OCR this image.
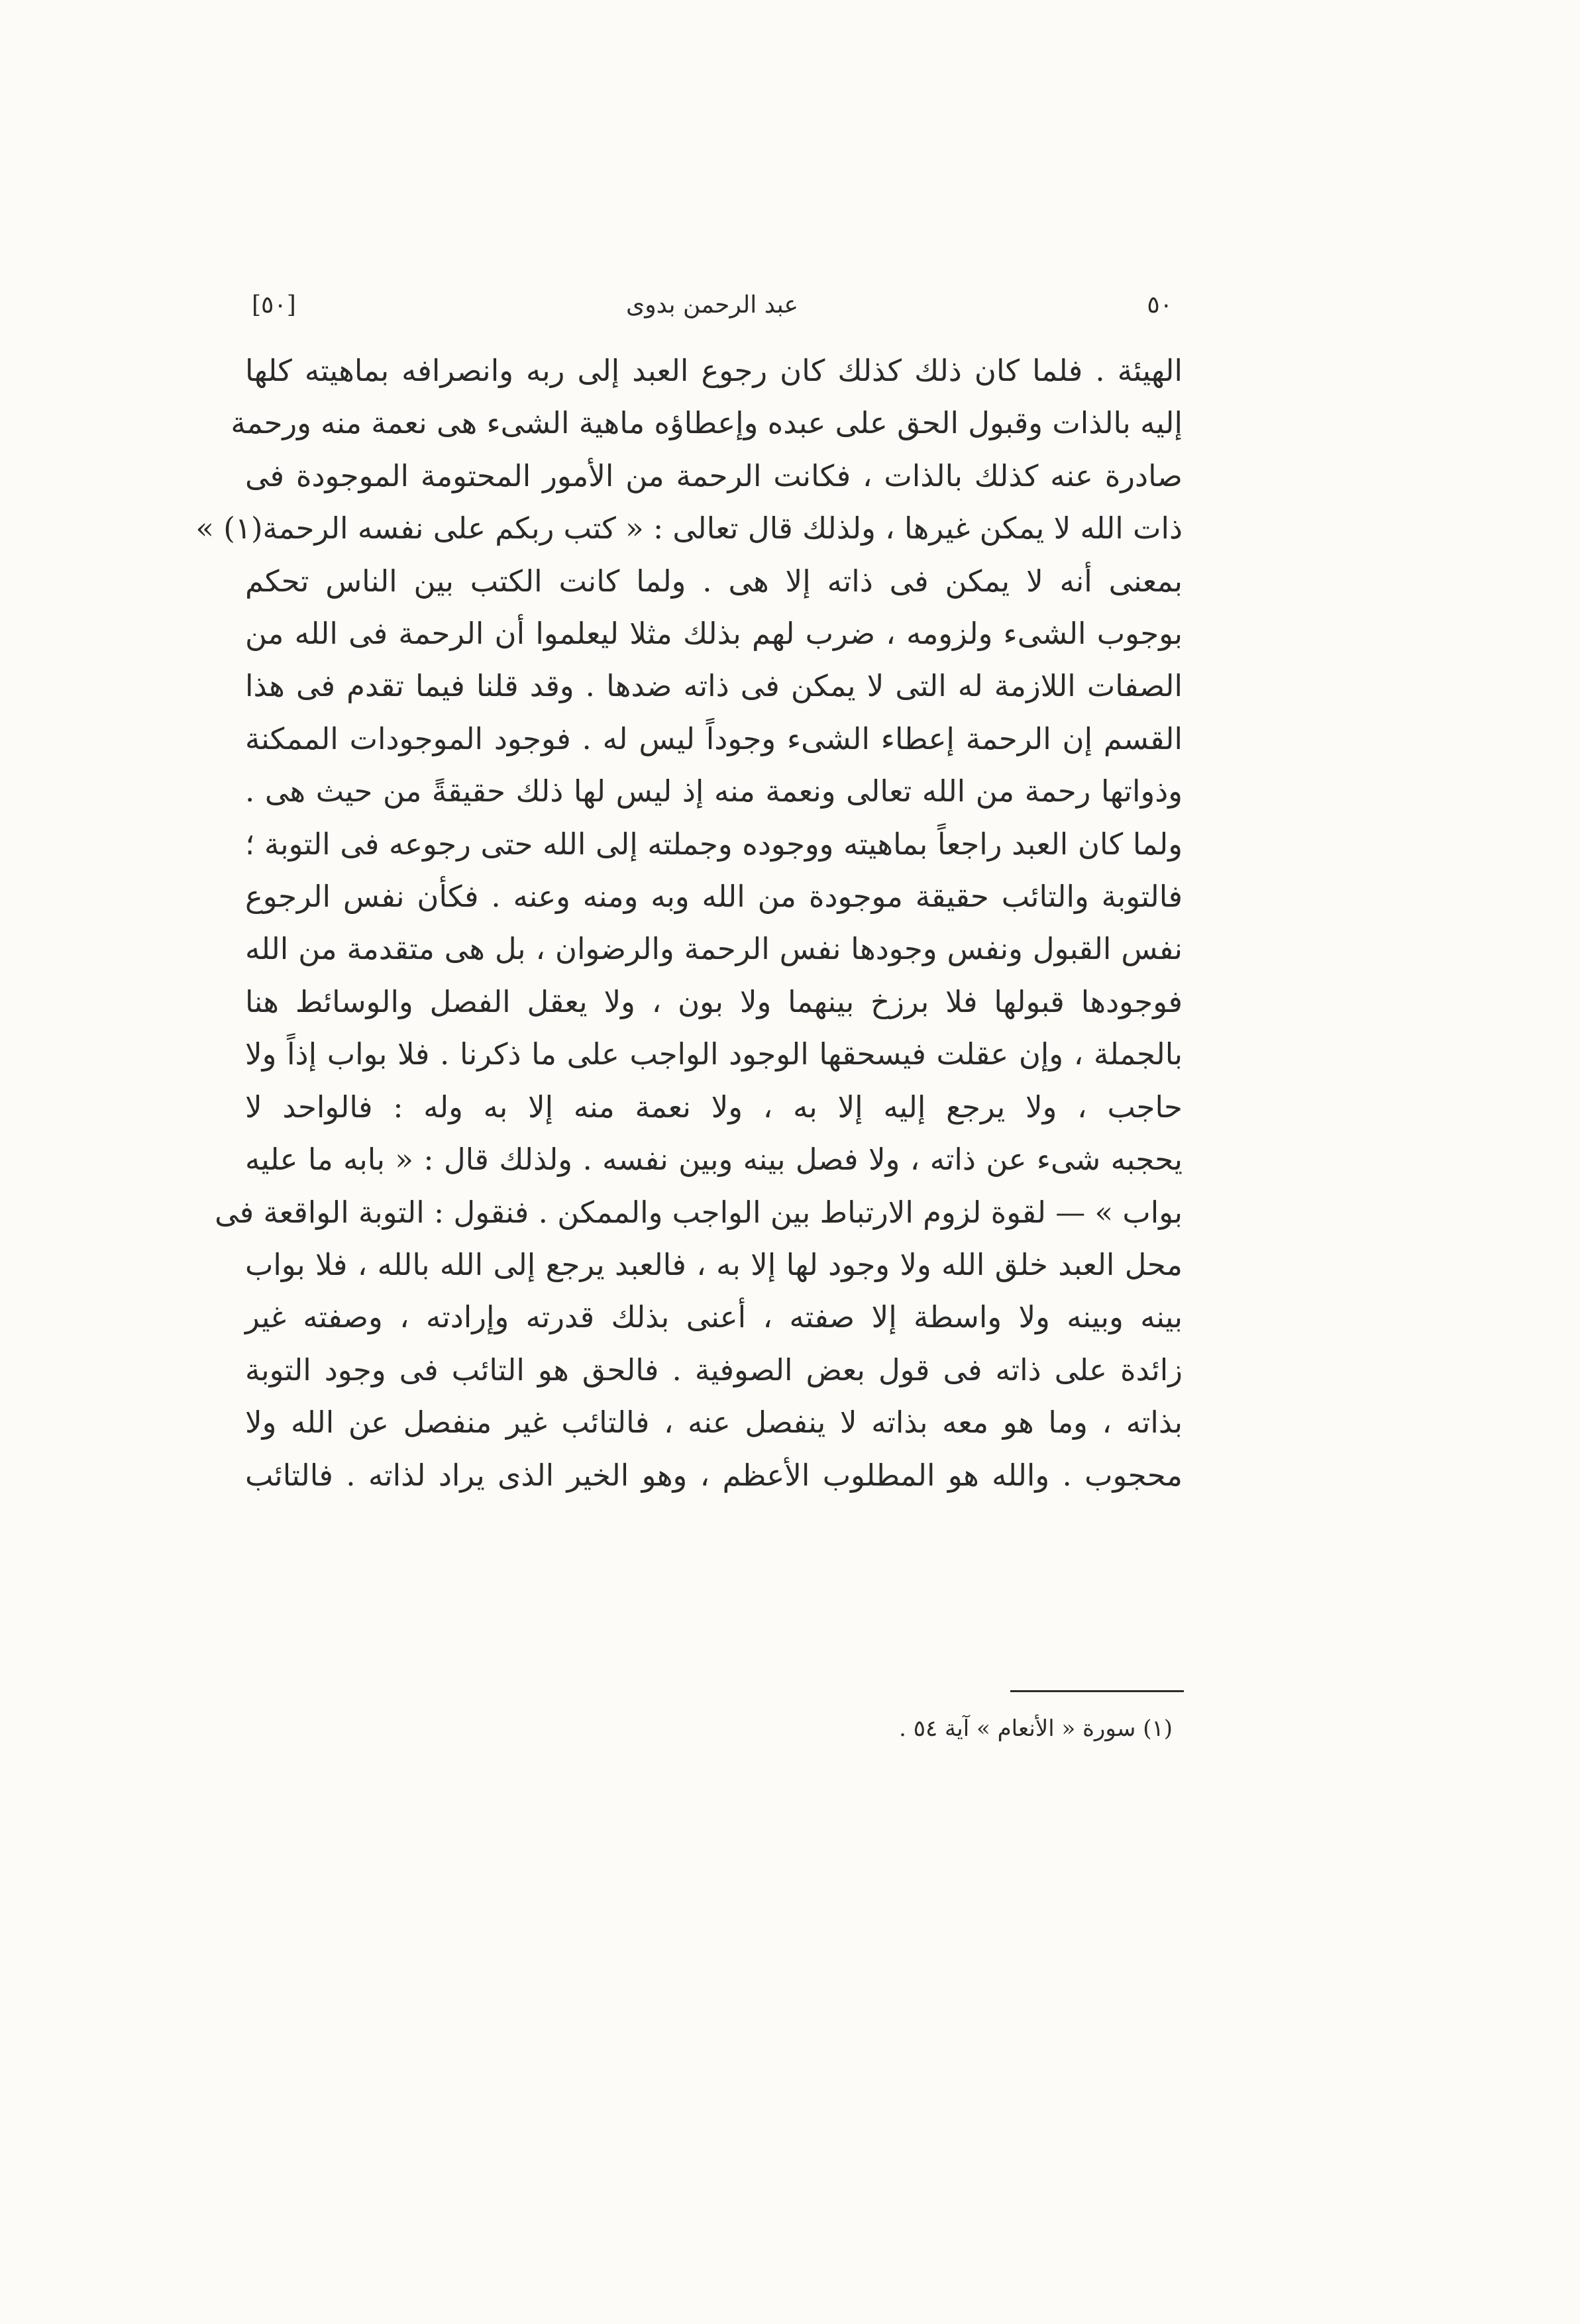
٥٠
عبد الرحمن بدوى
[٥٠]
الهيئة . فلما كان ذلك كذلك كان رجوع العبد إلى ربه وانصرافه بماهيته كلها
إليه بالذات وقبول الحق على عبده وإعطاؤه ماهية الشىء هى نعمة منه ورحمة
صادرة عنه كذلك بالذات ، فكانت الرحمة من الأمور المحتومة الموجودة فى
ذات الله لا يمكن غيرها ، ولذلك قال تعالى : « كتب ربكم على نفسه الرحمة(١) »
بمعنى أنه لا يمكن فى ذاته إلا هى . ولما كانت الكتب بين الناس تحكم
بوجوب الشىء ولزومه ، ضرب لهم بذلك مثلا ليعلموا أن الرحمة فى الله من
الصفات اللازمة له التى لا يمكن فى ذاته ضدها . وقد قلنا فيما تقدم فى هذا
القسم إن الرحمة إعطاء الشىء وجوداً ليس له . فوجود الموجودات الممكنة
وذواتها رحمة من الله تعالى ونعمة منه إذ ليس لها ذلك حقيقةً من حيث هى .
ولما كان العبد راجعاً بماهيته ووجوده وجملته إلى الله حتى رجوعه فى التوبة ؛
فالتوبة والتائب حقيقة موجودة من الله وبه ومنه وعنه . فكأن نفس الرجوع
نفس القبول ونفس وجودها نفس الرحمة والرضوان ، بل هى متقدمة من الله
فوجودها قبولها فلا برزخ بينهما ولا بون ، ولا يعقل الفصل والوسائط هنا
بالجملة ، وإن عقلت فيسحقها الوجود الواجب على ما ذكرنا . فلا بواب إذاً ولا
حاجب ، ولا يرجع إليه إلا به ، ولا نعمة منه إلا به وله : فالواحد لا
يحجبه شىء عن ذاته ، ولا فصل بينه وبين نفسه . ولذلك قال : « بابه ما عليه
بواب » — لقوة لزوم الارتباط بين الواجب والممكن . فنقول : التوبة الواقعة فى
محل العبد خلق الله ولا وجود لها إلا به ، فالعبد يرجع إلى الله بالله ، فلا بواب
بينه وبينه ولا واسطة إلا صفته ، أعنى بذلك قدرته وإرادته ، وصفته غير
زائدة على ذاته فى قول بعض الصوفية . فالحق هو التائب فى وجود التوبة
بذاته ، وما هو معه بذاته لا ينفصل عنه ، فالتائب غير منفصل عن الله ولا
محجوب . والله هو المطلوب الأعظم ، وهو الخير الذى يراد لذاته . فالتائب
(١) سورة « الأنعام » آية ٥٤ .
